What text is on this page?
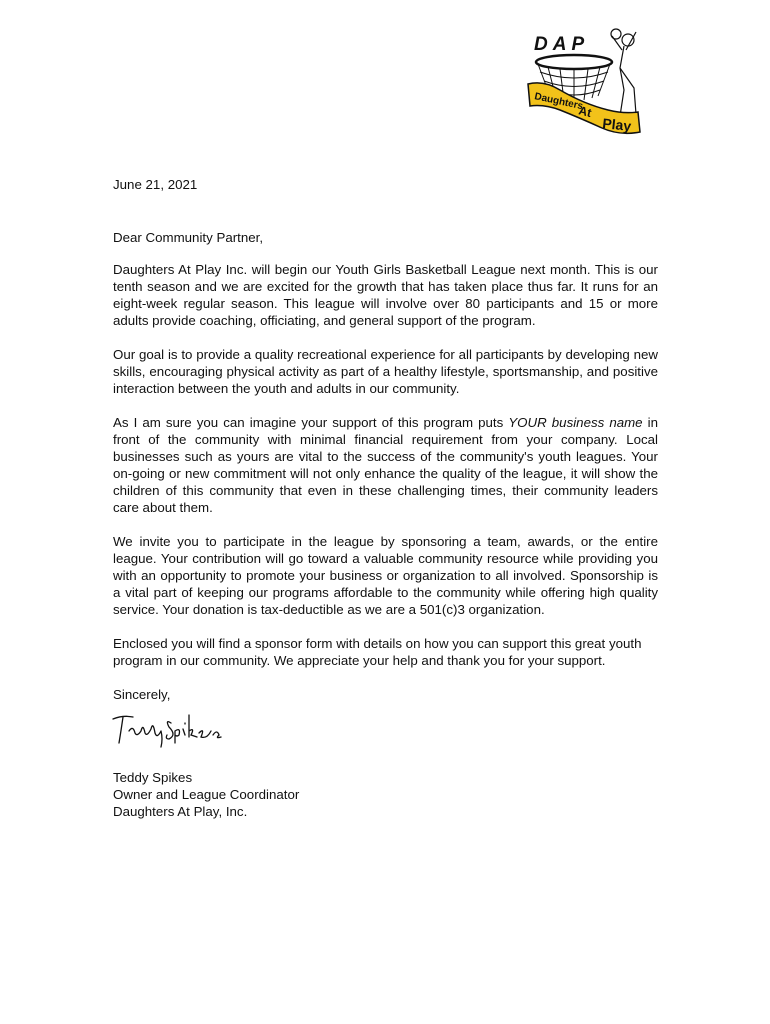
DAP
Daughters
At
Play
June 21, 2021
Dear Community Partner,

Daughters At Play Inc. will begin our Youth Girls Basketball League next month. This is our tenth season and we are excited for the growth that has taken place thus far. It runs for an eight-week regular season. This league will involve over 80 participants and 15 or more adults provide coaching, officiating, and general support of the program.

Our goal is to provide a quality recreational experience for all participants by developing new skills, encouraging physical activity as part of a healthy lifestyle, sportsmanship, and positive interaction between the youth and adults in our community.

As I am sure you can imagine your support of this program puts YOUR business name in front of the community with minimal financial requirement from your company. Local businesses such as yours are vital to the success of the community's youth leagues. Your on-going or new commitment will not only enhance the quality of the league, it will show the children of this community that even in these challenging times, their community leaders care about them.

We invite you to participate in the league by sponsoring a team, awards, or the entire league. Your contribution will go toward a valuable community resource while providing you with an opportunity to promote your business or organization to all involved. Sponsorship is a vital part of keeping our programs affordable to the community while offering high quality service. Your donation is tax-deductible as we are a 501(c)3 organization.

Enclosed you will find a sponsor form with details on how you can support this great youth program in our community. We appreciate your help and thank you for your support.

Sincerely,
Teddy Spikes
Owner and League Coordinator
Daughters At Play, Inc.
